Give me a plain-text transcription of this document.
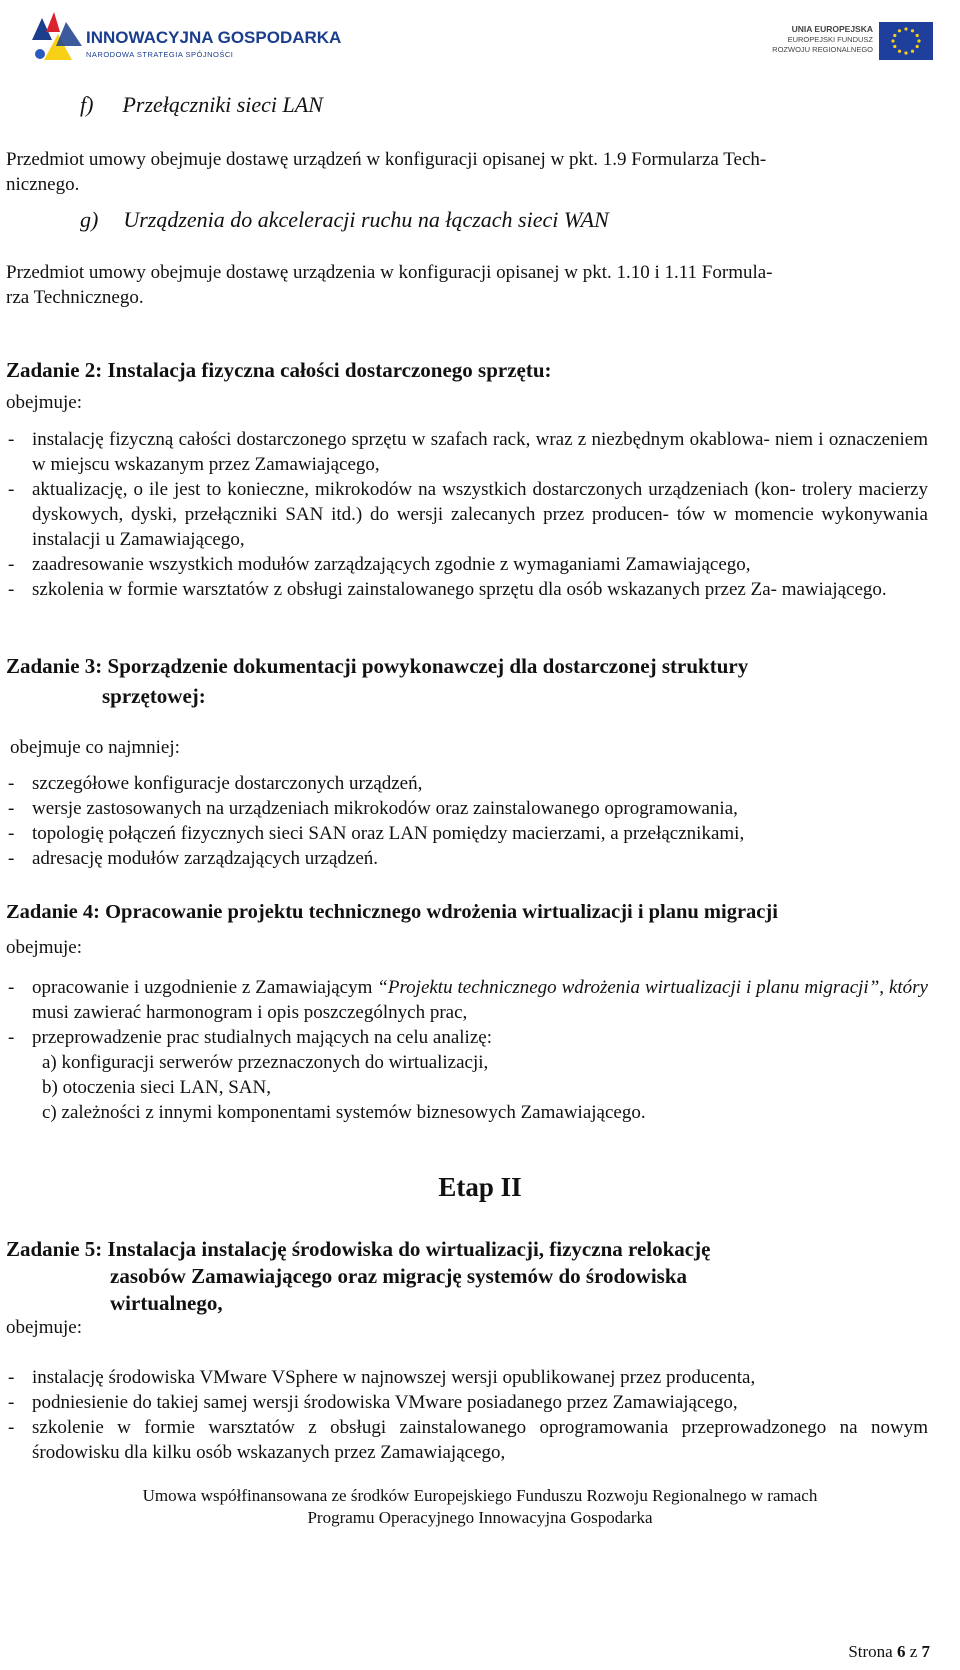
INNOWACYJNA GOSPODARKA
NARODOWA STRATEGIA SPÓJNOŚCI
UNIA EUROPEJSKA
EUROPEJSKI FUNDUSZ
ROZWOJU REGIONALNEGO
f) Przełączniki sieci LAN
Przedmiot umowy obejmuje dostawę urządzeń w konfiguracji opisanej w pkt. 1.9 Formularza Tech-
nicznego.
g) Urządzenia do akceleracji ruchu na łączach sieci WAN
Przedmiot umowy obejmuje dostawę urządzenia w konfiguracji opisanej w pkt. 1.10 i 1.11 Formula-
rza Technicznego.
Zadanie 2: Instalacja fizyczna całości dostarczonego sprzętu:
obejmuje:
- instalację fizyczną całości dostarczonego sprzętu w szafach rack, wraz z niezbędnym okablowa- niem i oznaczeniem w miejscu wskazanym przez Zamawiającego,
- aktualizację, o ile jest to konieczne, mikrokodów na wszystkich dostarczonych urządzeniach (kon- trolery macierzy dyskowych, dyski, przełączniki SAN itd.) do wersji zalecanych przez producen- tów w momencie wykonywania instalacji u Zamawiającego,
- zaadresowanie wszystkich modułów zarządzających zgodnie z wymaganiami Zamawiającego,
- szkolenia w formie warsztatów z obsługi zainstalowanego sprzętu dla osób wskazanych przez Za- mawiającego.
Zadanie 3: Sporządzenie dokumentacji powykonawczej dla dostarczonej struktury
sprzętowej:
obejmuje co najmniej:
- szczegółowe konfiguracje dostarczonych urządzeń,
- wersje zastosowanych na urządzeniach mikrokodów oraz zainstalowanego oprogramowania,
- topologię połączeń fizycznych sieci SAN oraz LAN pomiędzy macierzami, a przełącznikami,
- adresację modułów zarządzających urządzeń.
Zadanie 4: Opracowanie projektu technicznego wdrożenia wirtualizacji i planu migracji
obejmuje:
- opracowanie i uzgodnienie z Zamawiającym “Projektu technicznego wdrożenia wirtualizacji i planu migracji”, który musi zawierać harmonogram i opis poszczególnych prac,
- przeprowadzenie prac studialnych mających na celu analizę:
a) konfiguracji serwerów przeznaczonych do wirtualizacji,
b) otoczenia sieci LAN, SAN,
c) zależności z innymi komponentami systemów biznesowych Zamawiającego.
Etap II
Zadanie 5: Instalacja instalację środowiska do wirtualizacji, fizyczna relokację
zasobów Zamawiającego oraz migrację systemów do środowiska
wirtualnego,
obejmuje:
- instalację środowiska VMware VSphere w najnowszej wersji opublikowanej przez producenta,
- podniesienie do takiej samej wersji środowiska VMware posiadanego przez Zamawiającego,
- szkolenie w formie warsztatów z obsługi zainstalowanego oprogramowania przeprowadzonego na nowym środowisku dla kilku osób wskazanych przez Zamawiającego,
Umowa współfinansowana ze środków Europejskiego Funduszu Rozwoju Regionalnego w ramach
Programu Operacyjnego Innowacyjna Gospodarka
Strona 6 z 7
